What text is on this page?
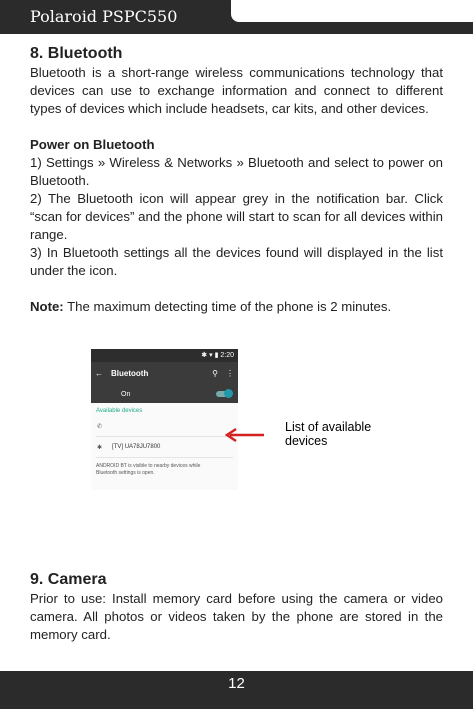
Polaroid PSPC550
8. Bluetooth

Bluetooth is a short-range wireless communications technology that devices can use to exchange information and connect to different types of devices which include headsets, car kits, and other devices.

Power on Bluetooth

1) Settings » Wireless & Networks » Bluetooth and select to power on Bluetooth.

2) The Bluetooth icon will appear grey in the notification bar. Click “scan for devices” and the phone will start to scan for all devices within range.

3) In Bluetooth settings all the devices found will displayed in the list under the icon.

Note: The maximum detecting time of the phone is 2 minutes.

✱ ▾ ▮ 2:20
← Bluetooth	⚲ ⋮
On
Available devices
✆
✱ [TV] UA78JU7800
ANDROID BT is visible to nearby devices while
Bluetooth settings is open.
List of available
devices
9. Camera

Prior to use: Install memory card before using the camera or video camera. All photos or videos taken by the phone are stored in the memory card.

12
